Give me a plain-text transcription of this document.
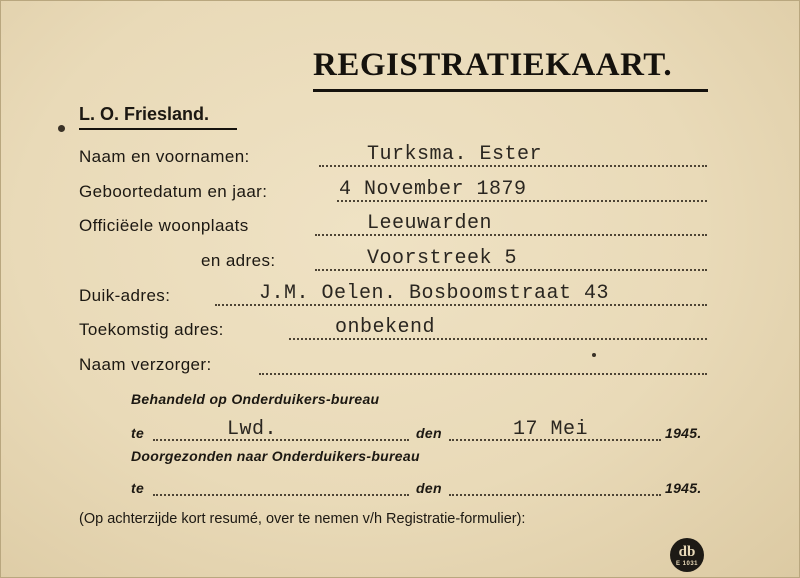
REGISTRATIEKAART.
L. O. Friesland.
Naam en voornamen:	Turksma. Ester
Geboortedatum en jaar:	4 November 1879
Officiëele woonplaats	Leeuwarden
en adres:	Voorstreek 5
Duik-adres:	J.M. Oelen. Bosboomstraat 43
Toekomstig adres:	onbekend
Naam verzorger:
Behandeld op Onderduikers-bureau
te	Lwd.	den	17 Mei	1945.
Doorgezonden naar Onderduikers-bureau
te	den	1945.
(Op achterzijde kort resumé, over te nemen v/h Registratie-formulier):
db
E 1031
